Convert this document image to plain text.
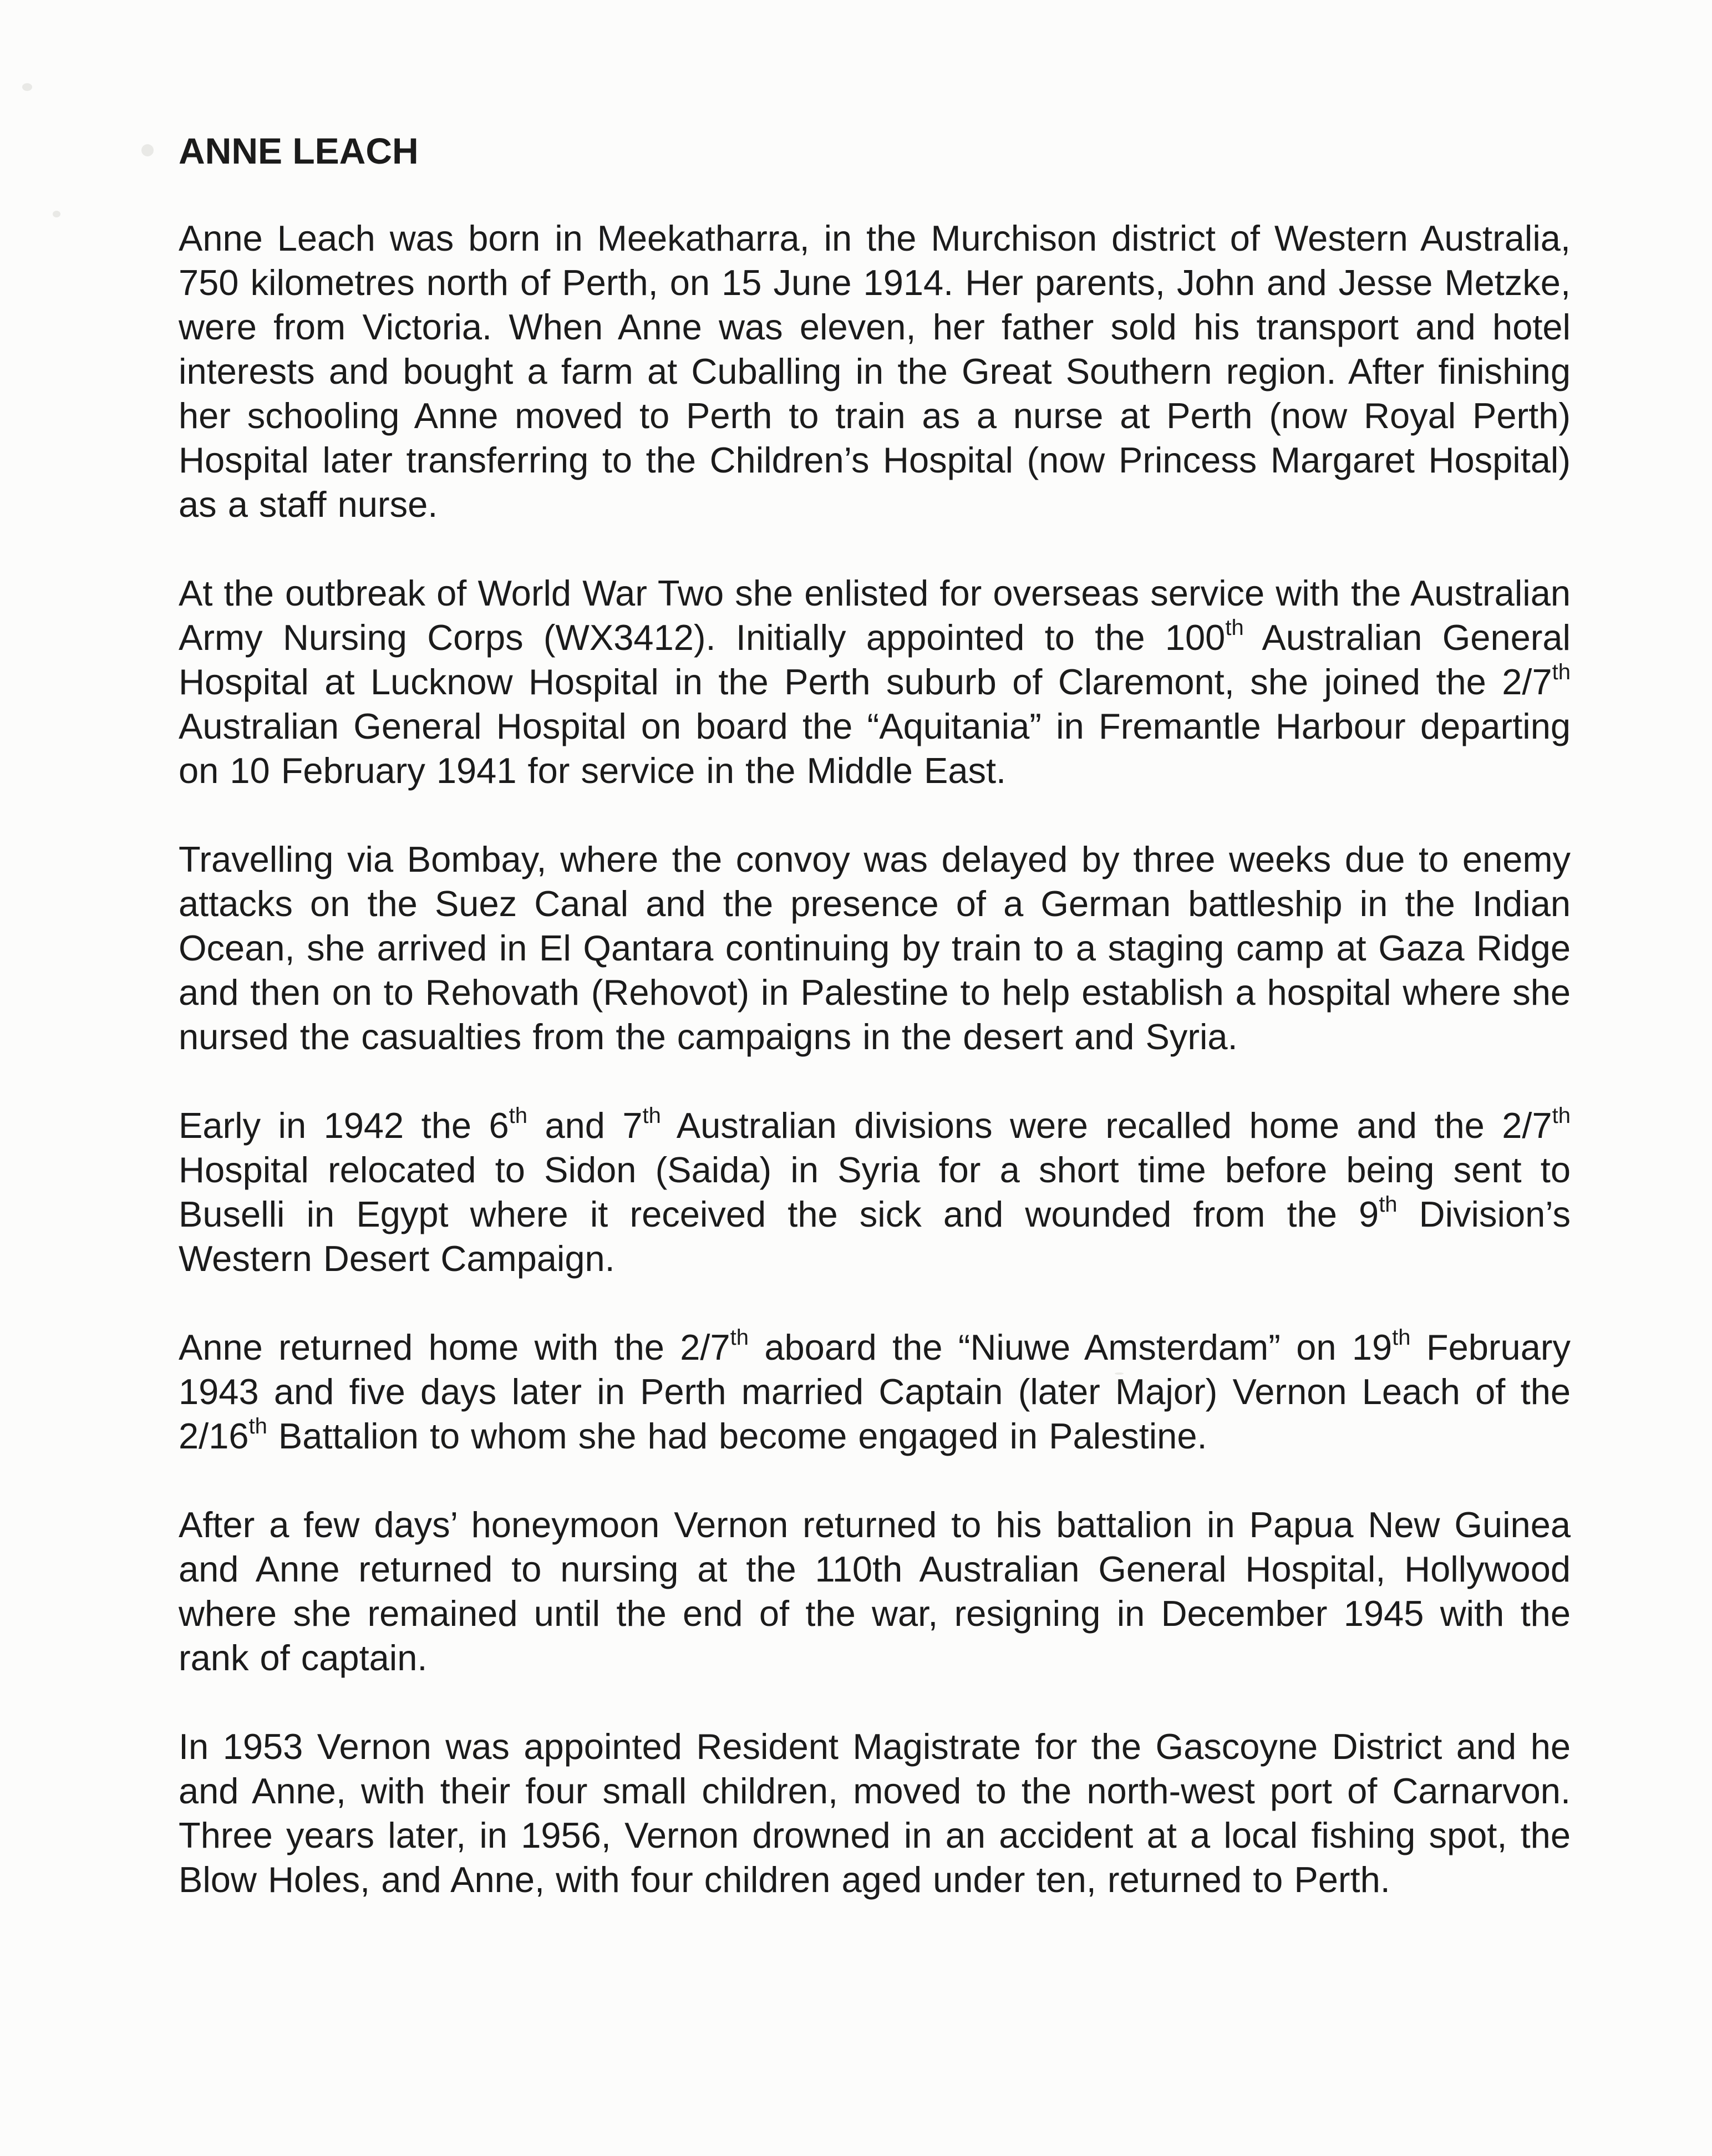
ANNE LEACH

Anne Leach was born in Meekatharra, in the Murchison district of Western Australia, 750 kilometres north of Perth, on 15 June 1914. Her parents, John and Jesse Metzke, were from Victoria. When Anne was eleven, her father sold his transport and hotel interests and bought a farm at Cuballing in the Great Southern region. After finishing her schooling Anne moved to Perth to train as a nurse at Perth (now Royal Perth) Hospital later transferring to the Children’s Hospital (now Princess Margaret Hospital) as a staff nurse.

At the outbreak of World War Two she enlisted for overseas service with the Australian Army Nursing Corps (WX3412). Initially appointed to the 100th Australian General Hospital at Lucknow Hospital in the Perth suburb of Claremont, she joined the 2/7th Australian General Hospital on board the “Aquitania” in Fremantle Harbour departing on 10 February 1941 for service in the Middle East.

Travelling via Bombay, where the convoy was delayed by three weeks due to enemy attacks on the Suez Canal and the presence of a German battleship in the Indian Ocean, she arrived in El Qantara continuing by train to a staging camp at Gaza Ridge and then on to Rehovath (Rehovot) in Palestine to help establish a hospital where she nursed the casualties from the campaigns in the desert and Syria.

Early in 1942 the 6th and 7th Australian divisions were recalled home and the 2/7th Hospital relocated to Sidon (Saida) in Syria for a short time before being sent to Buselli in Egypt where it received the sick and wounded from the 9th Division’s Western Desert Campaign.

Anne returned home with the 2/7th aboard the “Niuwe Amsterdam” on 19th February 1943 and five days later in Perth married Captain (later Major) Vernon Leach of the 2/16th Battalion to whom she had become engaged in Palestine.

After a few days’ honeymoon Vernon returned to his battalion in Papua New Guinea and Anne returned to nursing at the 110th Australian General Hospital, Hollywood where she remained until the end of the war, resigning in December 1945 with the rank of captain.

In 1953 Vernon was appointed Resident Magistrate for the Gascoyne District and he and Anne, with their four small children, moved to the north-west port of Carnarvon. Three years later, in 1956, Vernon drowned in an accident at a local fishing spot, the Blow Holes, and Anne, with four children aged under ten, returned to Perth.
